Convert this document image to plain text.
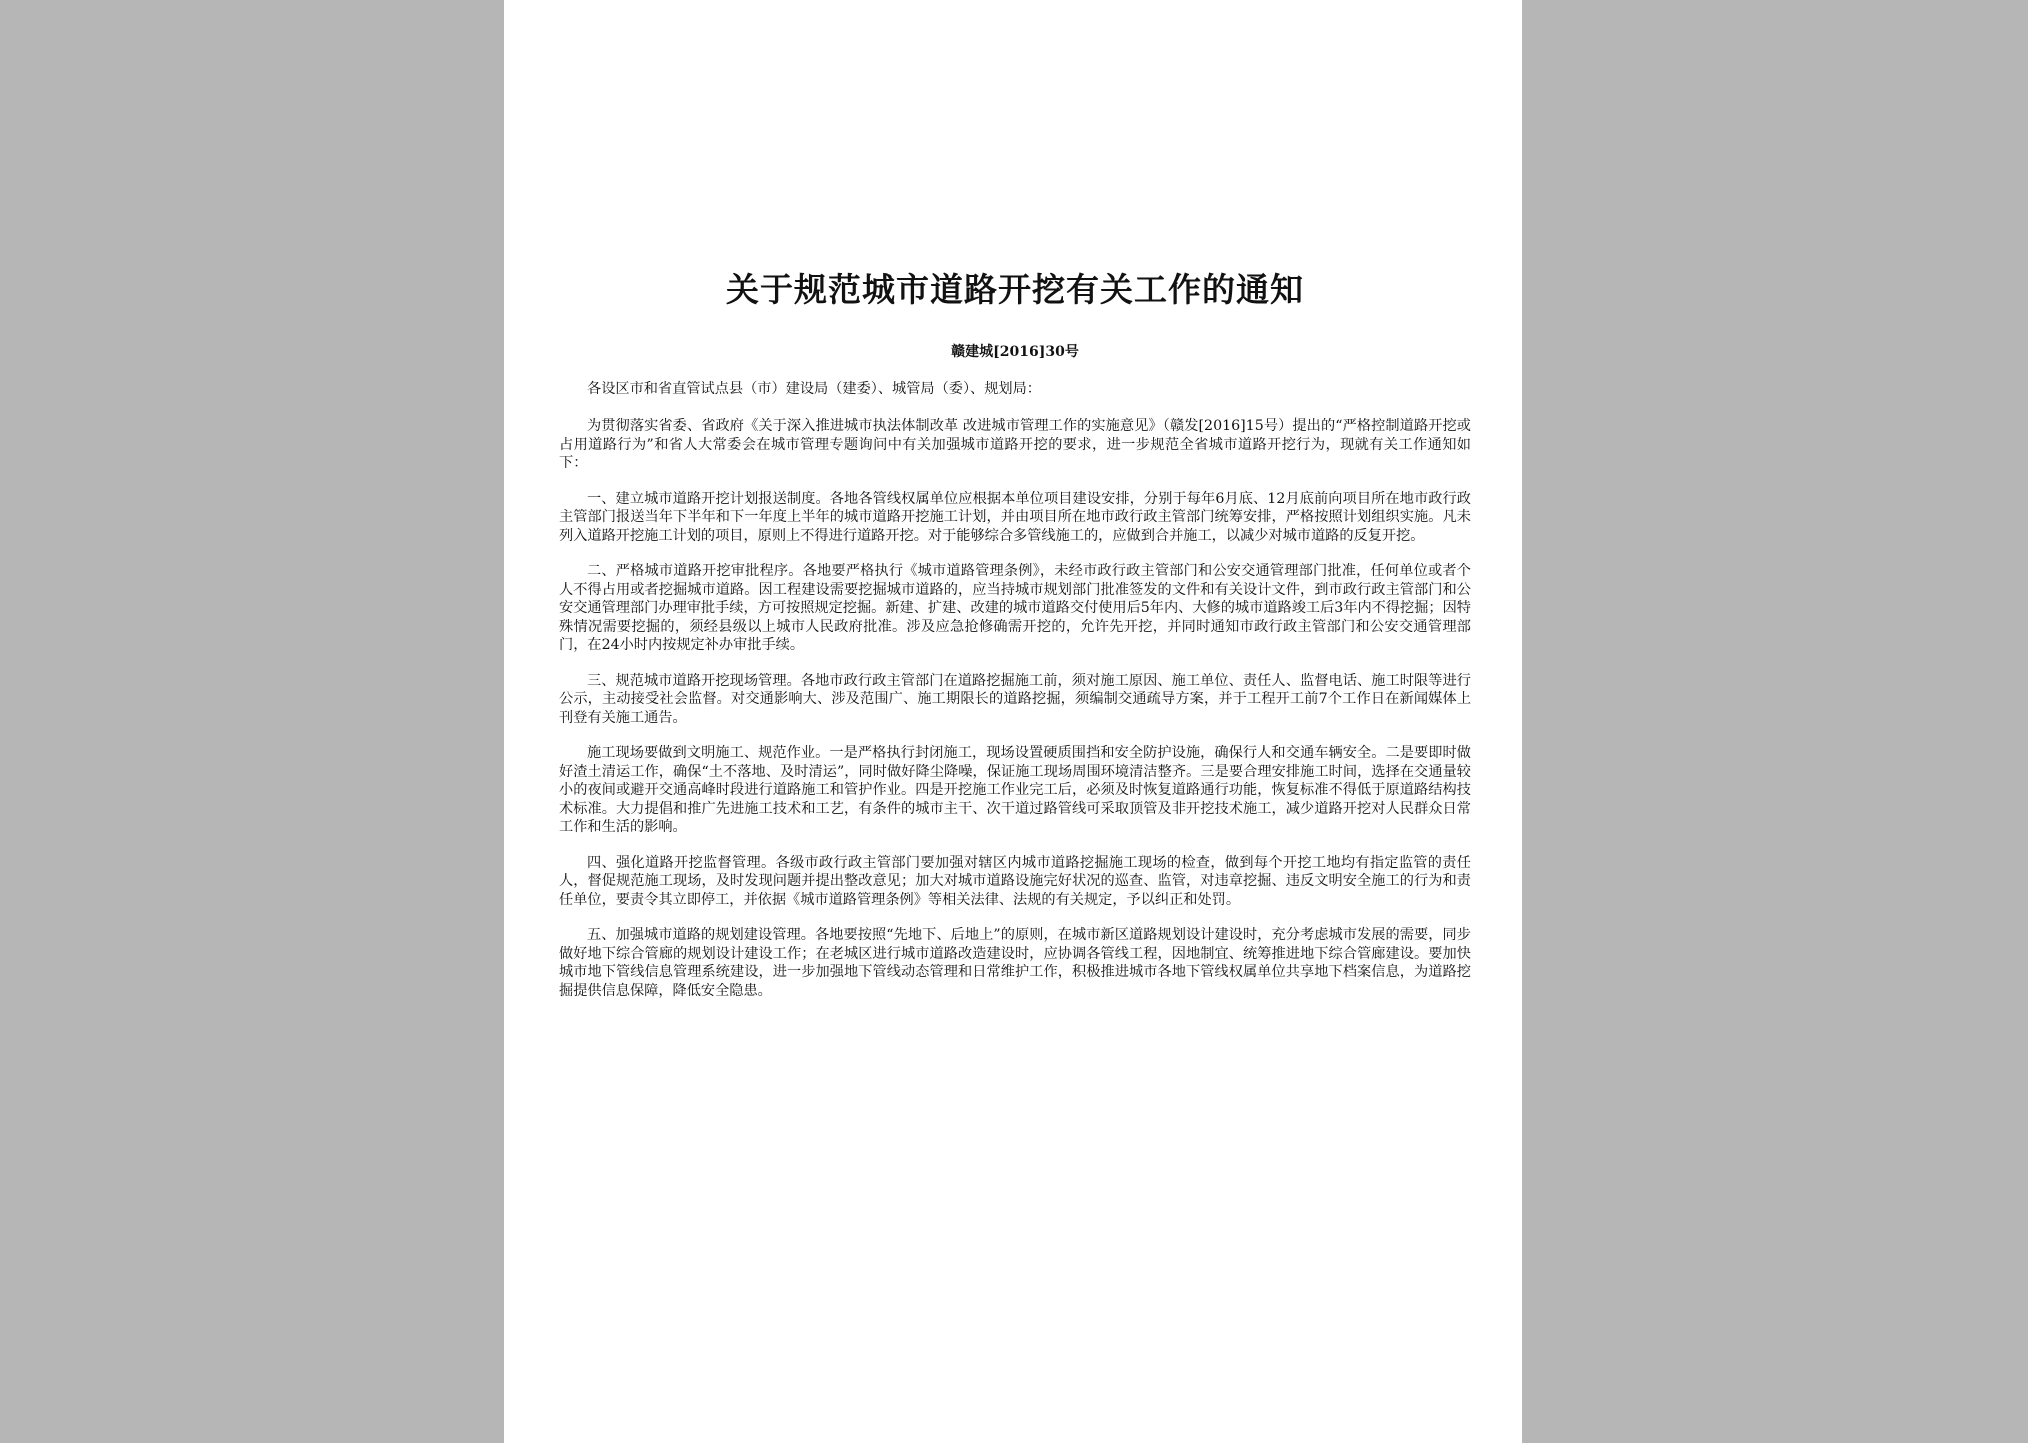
关于规范城市道路开挖有关工作的通知
赣建城[2016]30号

各设区市和省直管试点县（市）建设局（建委）、城管局（委）、规划局：

为贯彻落实省委、省政府《关于深入推进城市执法体制改革 改进城市管理工作的实施意见》（赣发[2016]15号）提出的“严格控制道路开挖或占用道路行为”和省人大常委会在城市管理专题询问中有关加强城市道路开挖的要求，进一步规范全省城市道路开挖行为，现就有关工作通知如下：

一、建立城市道路开挖计划报送制度。各地各管线权属单位应根据本单位项目建设安排，分别于每年6月底、12月底前向项目所在地市政行政主管部门报送当年下半年和下一年度上半年的城市道路开挖施工计划，并由项目所在地市政行政主管部门统筹安排，严格按照计划组织实施。凡未列入道路开挖施工计划的项目，原则上不得进行道路开挖。对于能够综合多管线施工的，应做到合并施工，以减少对城市道路的反复开挖。

二、严格城市道路开挖审批程序。各地要严格执行《城市道路管理条例》，未经市政行政主管部门和公安交通管理部门批准，任何单位或者个人不得占用或者挖掘城市道路。因工程建设需要挖掘城市道路的，应当持城市规划部门批准签发的文件和有关设计文件，到市政行政主管部门和公安交通管理部门办理审批手续，方可按照规定挖掘。新建、扩建、改建的城市道路交付使用后5年内、大修的城市道路竣工后3年内不得挖掘；因特殊情况需要挖掘的，须经县级以上城市人民政府批准。涉及应急抢修确需开挖的，允许先开挖，并同时通知市政行政主管部门和公安交通管理部门，在24小时内按规定补办审批手续。

三、规范城市道路开挖现场管理。各地市政行政主管部门在道路挖掘施工前，须对施工原因、施工单位、责任人、监督电话、施工时限等进行公示，主动接受社会监督。对交通影响大、涉及范围广、施工期限长的道路挖掘，须编制交通疏导方案，并于工程开工前7个工作日在新闻媒体上刊登有关施工通告。

施工现场要做到文明施工、规范作业。一是严格执行封闭施工，现场设置硬质围挡和安全防护设施，确保行人和交通车辆安全。二是要即时做好渣土清运工作，确保“土不落地、及时清运”，同时做好降尘降噪，保证施工现场周围环境清洁整齐。三是要合理安排施工时间，选择在交通量较小的夜间或避开交通高峰时段进行道路施工和管护作业。四是开挖施工作业完工后，必须及时恢复道路通行功能，恢复标准不得低于原道路结构技术标准。大力提倡和推广先进施工技术和工艺，有条件的城市主干、次干道过路管线可采取顶管及非开挖技术施工，减少道路开挖对人民群众日常工作和生活的影响。

四、强化道路开挖监督管理。各级市政行政主管部门要加强对辖区内城市道路挖掘施工现场的检查，做到每个开挖工地均有指定监管的责任人，督促规范施工现场，及时发现问题并提出整改意见；加大对城市道路设施完好状况的巡查、监管，对违章挖掘、违反文明安全施工的行为和责任单位，要责令其立即停工，并依据《城市道路管理条例》等相关法律、法规的有关规定，予以纠正和处罚。

五、加强城市道路的规划建设管理。各地要按照“先地下、后地上”的原则，在城市新区道路规划设计建设时，充分考虑城市发展的需要，同步做好地下综合管廊的规划设计建设工作；在老城区进行城市道路改造建设时，应协调各管线工程，因地制宜、统筹推进地下综合管廊建设。要加快城市地下管线信息管理系统建设，进一步加强地下管线动态管理和日常维护工作，积极推进城市各地下管线权属单位共享地下档案信息，为道路挖掘提供信息保障，降低安全隐患。
